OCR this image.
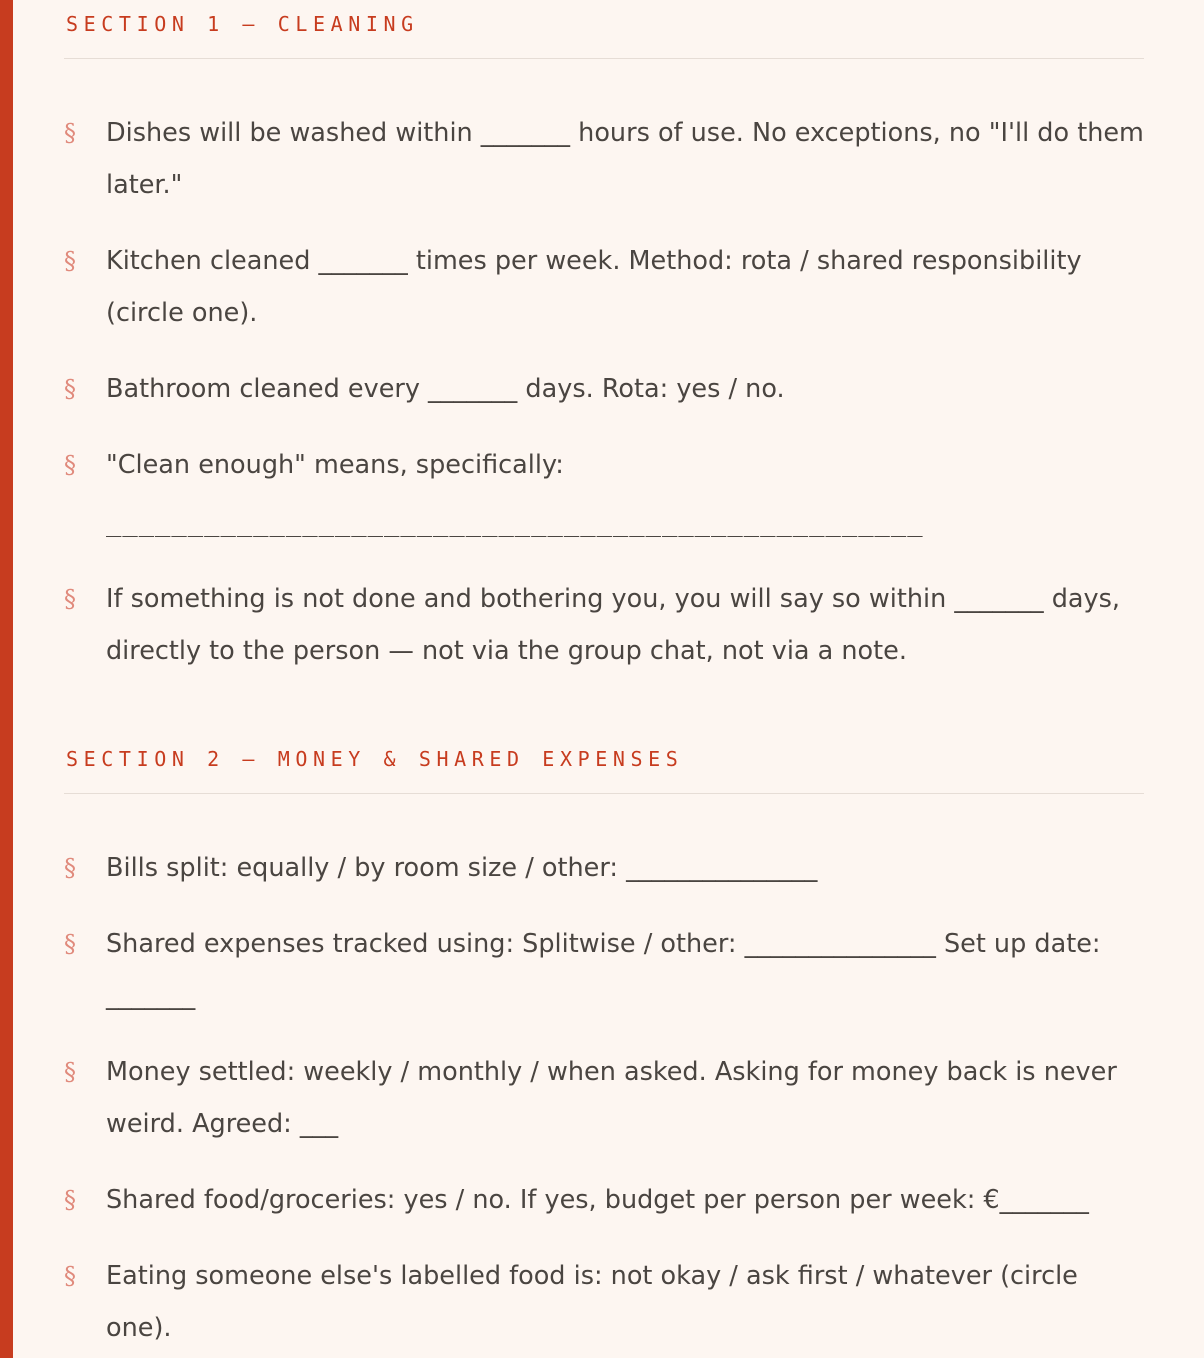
SECTION 1 — CLEANING
§ Dishes will be washed within _______ hours of use. No exceptions, no "I'll do them later."
§ Kitchen cleaned _______ times per week. Method: rota / shared responsibility (circle one).
§ Bathroom cleaned every _______ days. Rota: yes / no.
§ "Clean enough" means, specifically:
__________________________________________________
§ If something is not done and bothering you, you will say so within _______ days, directly to the person — not via the group chat, not via a note.
SECTION 2 — MONEY & SHARED EXPENSES
§ Bills split: equally / by room size / other: _______________
§ Shared expenses tracked using: Splitwise / other: _______________ Set up date: _______
§ Money settled: weekly / monthly / when asked. Asking for money back is never weird. Agreed: ___
§ Shared food/groceries: yes / no. If yes, budget per person per week: €_______
§ Eating someone else's labelled food is: not okay / ask first / whatever (circle one).
